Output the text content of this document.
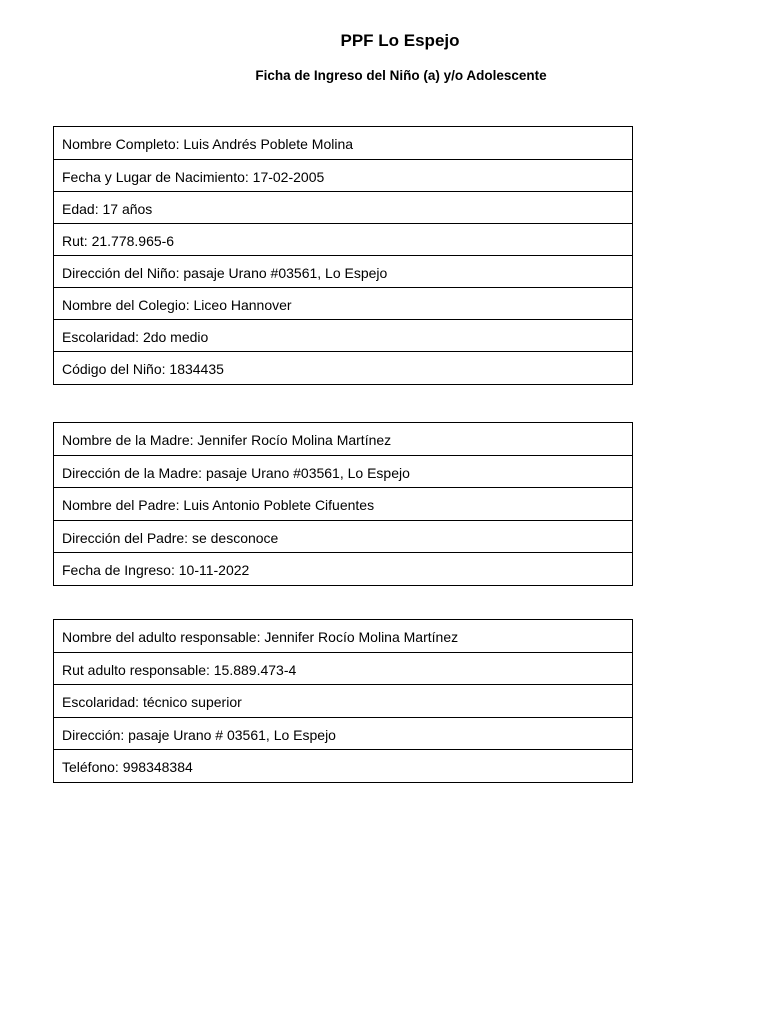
PPF Lo Espejo
Ficha de Ingreso del Niño (a) y/o Adolescente
Nombre Completo: Luis Andrés Poblete Molina
Fecha y Lugar de Nacimiento: 17-02-2005
Edad: 17 años
Rut: 21.778.965-6
Dirección del Niño: pasaje Urano #03561, Lo Espejo
Nombre del Colegio: Liceo Hannover
Escolaridad: 2do medio
Código del Niño: 1834435
Nombre de la Madre: Jennifer Rocío Molina Martínez
Dirección de la Madre: pasaje Urano #03561, Lo Espejo
Nombre del Padre: Luis Antonio Poblete Cifuentes
Dirección del Padre: se desconoce
Fecha de Ingreso: 10-11-2022
Nombre del adulto responsable: Jennifer Rocío Molina Martínez
Rut adulto responsable: 15.889.473-4
Escolaridad: técnico superior
Dirección: pasaje Urano # 03561, Lo Espejo
Teléfono: 998348384
